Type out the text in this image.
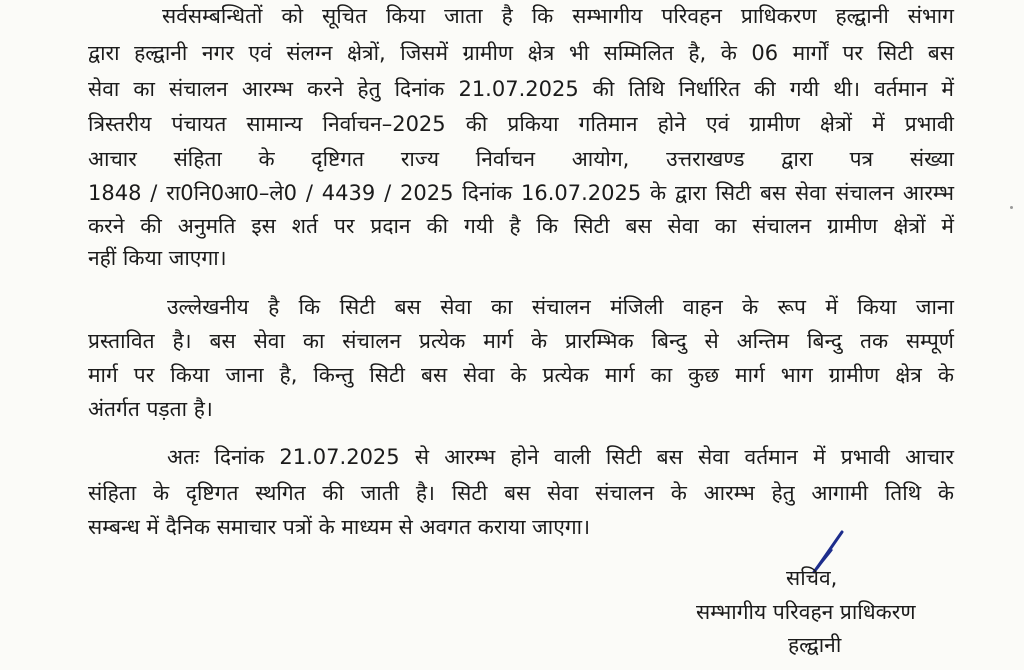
सर्वसम्बन्धितों को सूचित किया जाता है कि सम्भागीय परिवहन प्राधिकरण हल्द्वानी संभाग
द्वारा हल्द्वानी नगर एवं संलग्न क्षेत्रों, जिसमें ग्रामीण क्षेत्र भी सम्मिलित है, के 06 मार्गों पर सिटी बस
सेवा का संचालन आरम्भ करने हेतु दिनांक 21.07.2025 की तिथि निर्धारित की गयी थी। वर्तमान में
त्रिस्तरीय पंचायत सामान्य निर्वाचन–2025 की प्रकिया गतिमान होने एवं ग्रामीण क्षेत्रों में प्रभावी
आचार संहिता के दृष्टिगत राज्य निर्वाचन आयोग, उत्तराखण्ड द्वारा पत्र संख्या
1848 / रा0नि0आ0–ले0 / 4439 / 2025 दिनांक 16.07.2025 के द्वारा सिटी बस सेवा संचालन आरम्भ
करने की अनुमति इस शर्त पर प्रदान की गयी है कि सिटी बस सेवा का संचालन ग्रामीण क्षेत्रों में
नहीं किया जाएगा।
उल्लेखनीय है कि सिटी बस सेवा का संचालन मंजिली वाहन के रूप में किया जाना
प्रस्तावित है। बस सेवा का संचालन प्रत्येक मार्ग के प्रारम्भिक बिन्दु से अन्तिम बिन्दु तक सम्पूर्ण
मार्ग पर किया जाना है, किन्तु सिटी बस सेवा के प्रत्येक मार्ग का कुछ मार्ग भाग ग्रामीण क्षेत्र के
अंतर्गत पड़ता है।
अतः दिनांक 21.07.2025 से आरम्भ होने वाली सिटी बस सेवा वर्तमान में प्रभावी आचार
संहिता के दृष्टिगत स्थगित की जाती है। सिटी बस सेवा संचालन के आरम्भ हेतु आगामी तिथि के
सम्बन्ध में दैनिक समाचार पत्रों के माध्यम से अवगत कराया जाएगा।
सचिव,
सम्भागीय परिवहन प्राधिकरण
हल्द्वानी
